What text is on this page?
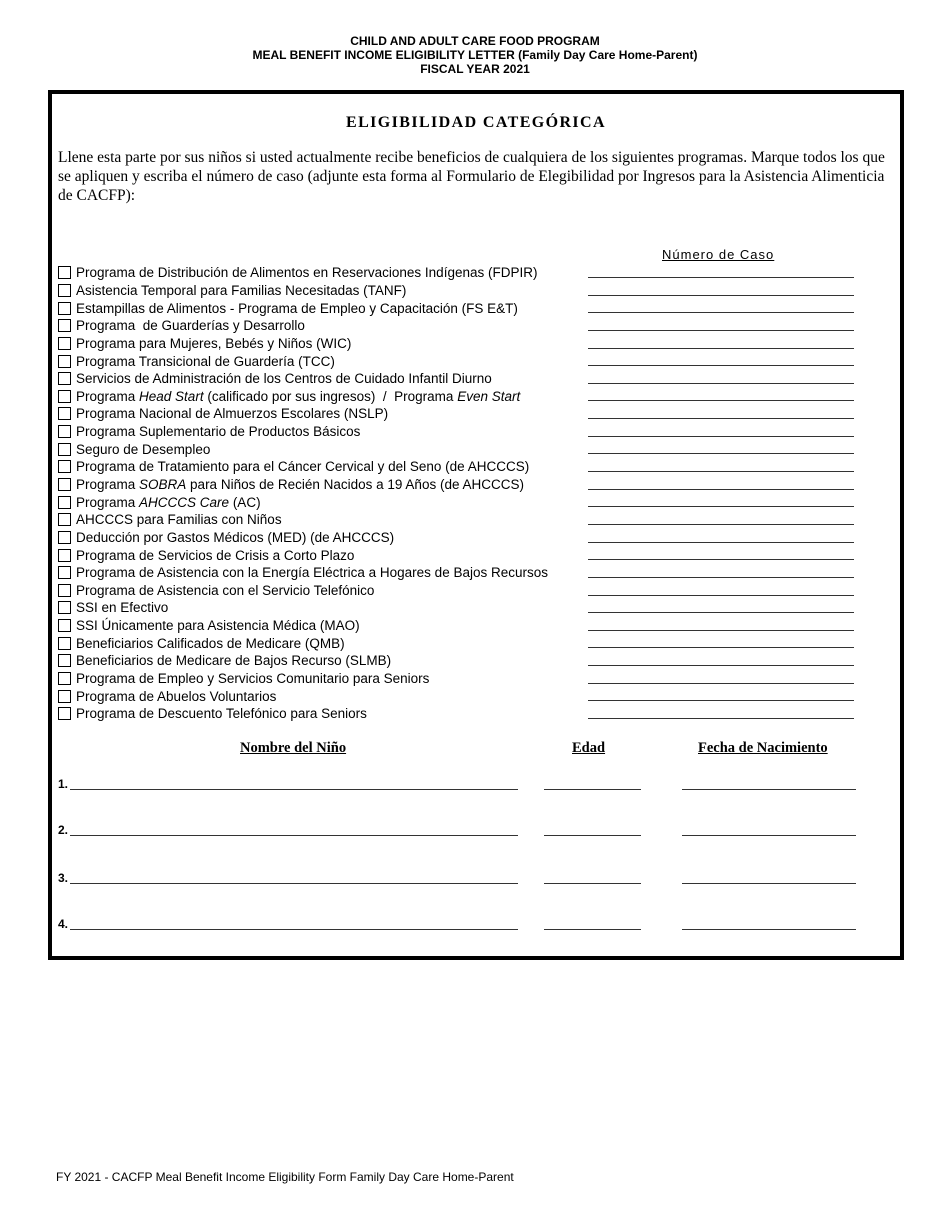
CHILD AND ADULT CARE FOOD PROGRAM
MEAL BENEFIT INCOME ELIGIBILITY LETTER (Family Day Care Home-Parent)
FISCAL YEAR 2021
ELIGIBILIDAD CATEGÓRICA

Llene esta parte por sus niños si usted actualmente recibe beneficios de cualquiera de los siguientes programas. Marque todos los que se apliquen y escriba el número de caso (adjunte esta forma al Formulario de Elegibilidad por Ingresos para la Asistencia Alimenticia de CACFP):

Número de Caso
Programa de Distribución de Alimentos en Reservaciones Indígenas (FDPIR)
Asistencia Temporal para Familias Necesitadas (TANF)
Estampillas de Alimentos - Programa de Empleo y Capacitación (FS E&T)
Programa  de Guarderías y Desarrollo
Programa para Mujeres, Bebés y Niños (WIC)
Programa Transicional de Guardería (TCC)
Servicios de Administración de los Centros de Cuidado Infantil Diurno
Programa Head Start (calificado por sus ingresos)  /  Programa Even Start
Programa Nacional de Almuerzos Escolares (NSLP)
Programa Suplementario de Productos Básicos
Seguro de Desempleo
Programa de Tratamiento para el Cáncer Cervical y del Seno (de AHCCCS)
Programa SOBRA para Niños de Recién Nacidos a 19 Años (de AHCCCS)
Programa AHCCCS Care (AC)
AHCCCS para Familias con Niños
Deducción por Gastos Médicos (MED) (de AHCCCS)
Programa de Servicios de Crisis a Corto Plazo
Programa de Asistencia con la Energía Eléctrica a Hogares de Bajos Recursos
Programa de Asistencia con el Servicio Telefónico
SSI en Efectivo
SSI Únicamente para Asistencia Médica (MAO)
Beneficiarios Calificados de Medicare (QMB)
Beneficiarios de Medicare de Bajos Recurso (SLMB)
Programa de Empleo y Servicios Comunitario para Seniors
Programa de Abuelos Voluntarios
Programa de Descuento Telefónico para Seniors
Nombre del Niño	Edad	Fecha de Nacimiento
1.
2.
3.
4.
FY 2021 - CACFP Meal Benefit Income Eligibility Form Family Day Care Home-Parent
